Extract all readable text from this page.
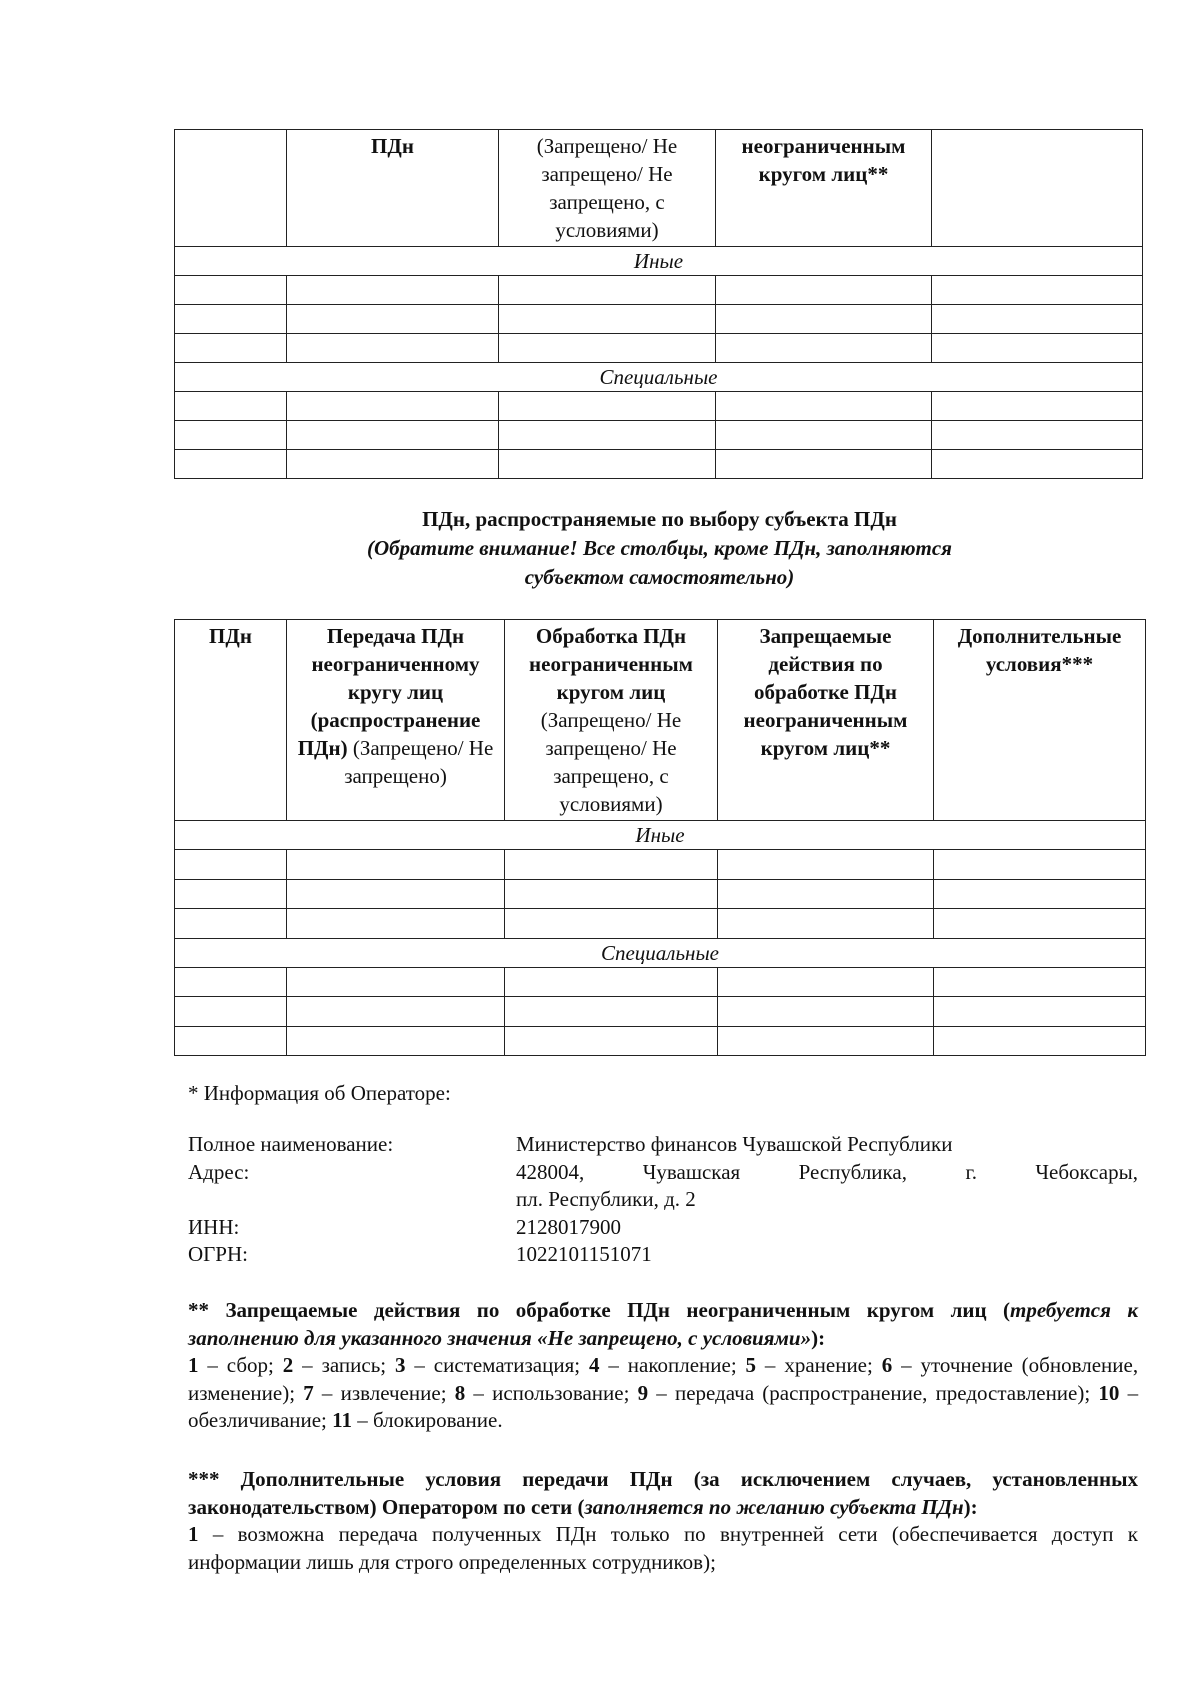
	ПДн	(Запрещено/ Не запрещено/ Не запрещено, с условиями)	неограниченным кругом лиц**	
Иные				

Специальные				

ПДн, распространяемые по выбору субъекта ПДн
(Обратите внимание! Все столбцы, кроме ПДн, заполняются субъектом самостоятельно)
ПДн	Передача ПДн неограниченному кругу лиц (распространение ПДн) (Запрещено/ Не запрещено)	Обработка ПДн неограниченным кругом лиц (Запрещено/ Не запрещено/ Не запрещено, с условиями)	Запрещаемые действия по обработке ПДн неограниченным кругом лиц**	Дополнительные условия***
Иные				

Специальные				

* Информация об Операторе:
Полное наименование:	Министерство финансов Чувашской Республики
Адрес:	428004, Чувашская Республика, г. Чебоксары,
пл. Республики, д. 2
ИНН:	2128017900
ОГРН:	1022101151071
** Запрещаемые действия по обработке ПДн неограниченным кругом лиц (требуется к заполнению для указанного значения «Не запрещено, с условиями»):
1 – сбор; 2 – запись; 3 – систематизация; 4 – накопление; 5 – хранение; 6 – уточнение (обновление, изменение); 7 – извлечение; 8 – использование; 9 – передача (распространение, предоставление); 10 – обезличивание; 11 – блокирование.
*** Дополнительные условия передачи ПДн (за исключением случаев, установленных законодательством) Оператором по сети (заполняется по желанию субъекта ПДн):
1 – возможна передача полученных ПДн только по внутренней сети (обеспечивается доступ к информации лишь для строго определенных сотрудников);
